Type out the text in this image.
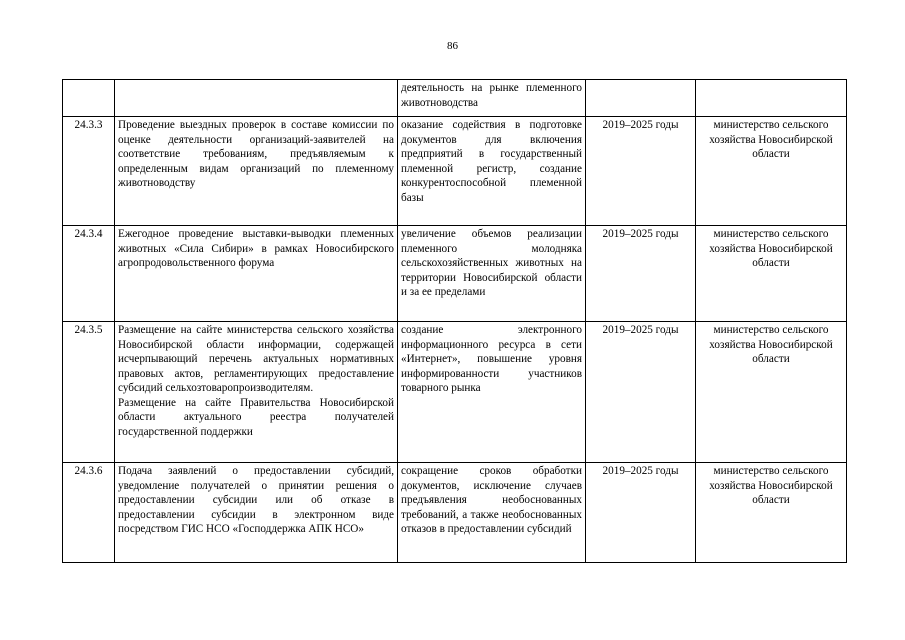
86
		деятельность на рынке племенного животноводства		
24.3.3	Проведение выездных проверок в составе комиссии по оценке деятельности организаций-заявителей на соответствие требованиям, предъявляемым к определенным видам организаций по племенному животноводству	оказание содействия в подготовке документов для включения предприятий в государственный племенной регистр, создание конкурентоспособной племенной базы	2019–2025 годы	министерство сельского хозяйства Новосибирской области
24.3.4	Ежегодное проведение выставки-выводки племенных животных «Сила Сибири» в рамках Новосибирского агропродовольственного форума	увеличение объемов реализации племенного молодняка сельскохозяйственных животных на территории Новосибирской области и за ее пределами	2019–2025 годы	министерство сельского хозяйства Новосибирской области
24.3.5	Размещение на сайте министерства сельского хозяйства Новосибирской области информации, содержащей исчерпывающий перечень актуальных нормативных правовых актов, регламентирующих предоставление субсидий сельхозтоваропроизводителям.
Размещение на сайте Правительства Новосибирской области актуального реестра получателей государственной поддержки	создание электронного информационного ресурса в сети «Интернет», повышение уровня информированности участников товарного рынка	2019–2025 годы	министерство сельского хозяйства Новосибирской области
24.3.6	Подача заявлений о предоставлении субсидий, уведомление получателей о принятии решения о предоставлении субсидии или об отказе в предоставлении субсидии в электронном виде посредством ГИС НСО «Господдержка АПК НСО»	сокращение сроков обработки документов, исключение случаев предъявления необоснованных требований, а также необоснованных отказов в предоставлении субсидий	2019–2025 годы	министерство сельского хозяйства Новосибирской области
